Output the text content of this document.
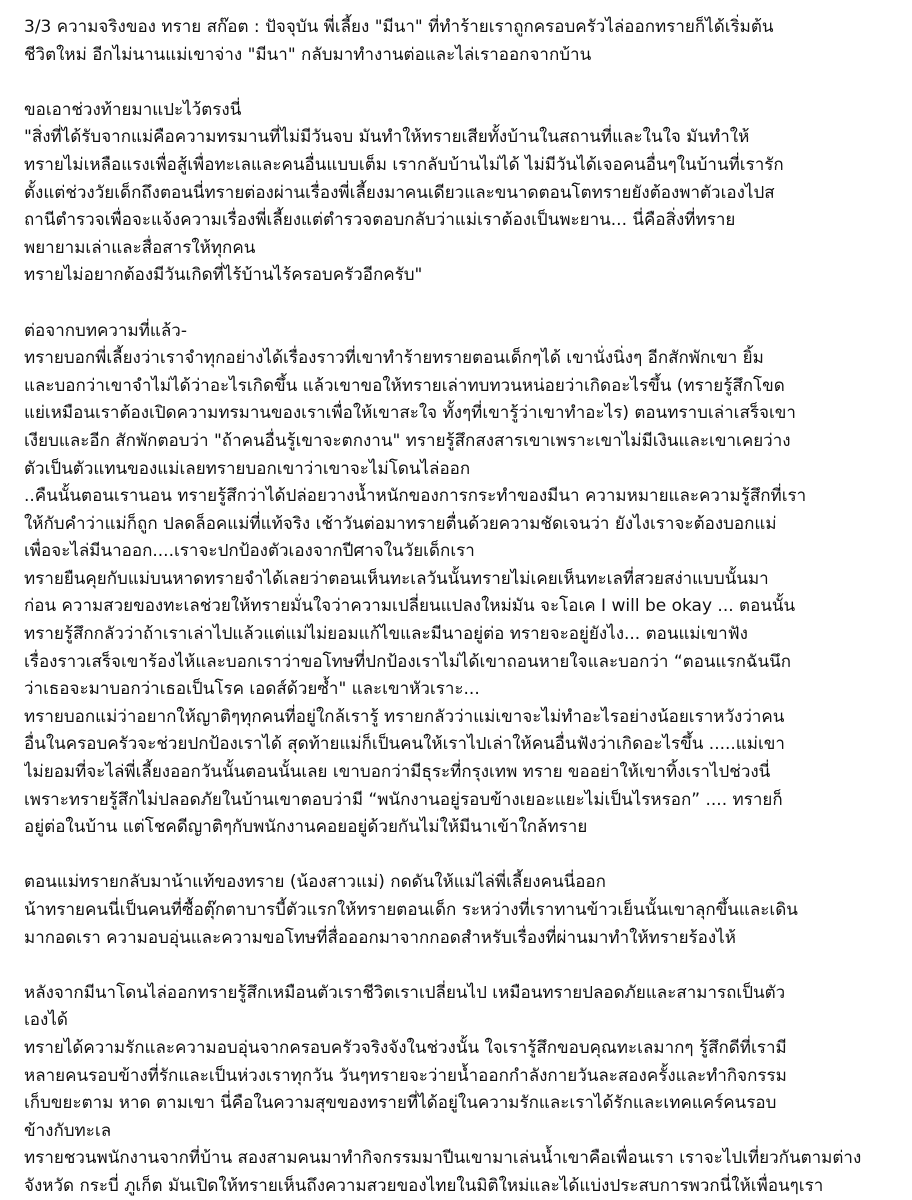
3/3 ความจริงของ ทราย สก๊อต : ปัจจุบัน พี่เลี้ยง "มีนา" ที่ทำร้ายเราถูกครอบครัวไล่ออกทรายก็ได้เริ่มต้น
ชีวิตใหม่ อีกไม่นานแม่เขาจ่าง "มีนา" กลับมาทำงานต่อและไล่เราออกจากบ้าน
ขอเอาช่วงท้ายมาแปะไว้ตรงนี่
"สิ่งที่ได้รับจากแม่คือความทรมานที่ไม่มีวันจบ มันทำให้ทรายเสียทั้งบ้านในสถานที่และในใจ มันทำให้
ทรายไม่เหลือแรงเพื่อสู้เพื่อทะเลและคนอื่นแบบเต็ม เรากลับบ้านไม่ได้ ไม่มีวันได้เจอคนอื่นๆในบ้านที่เรารัก
ตั้งแต่ช่วงวัยเด็กถึงตอนนี่ทรายต่องผ่านเรื่องพี่เลี้ยงมาคนเดียวและขนาดตอนโตทรายยังต้องพาตัวเองไปส
ถานีตำรวจเพื่อจะแจ้งความเรื่องพี่เลี้ยงแต่ตำรวจตอบกลับว่าแม่เราต้องเป็นพะยาน... นี่คือสิ่งที่ทราย
พยายามเล่าและสื่อสารให้ทุกคน
ทรายไม่อยากต้องมีวันเกิดที่ไร้บ้านไร้ครอบครัวอีกครับ"
ต่อจากบทความที่แล้ว-
ทรายบอกพี่เลี้ยงว่าเราจำทุกอย่างได้เรื่องราวที่เขาทำร้ายทรายตอนเด็กๆได้ เขานั่งนิ่งๆ อีกสักพักเขา ยิ้ม
และบอกว่าเขาจำไม่ได้ว่าอะไรเกิดขึ้น แล้วเขาขอให้ทรายเล่าทบทวนหน่อยว่าเกิดอะไรขึ้น (ทรายรู้สึกโขด
แย่เหมือนเราต้องเปิดความทรมานของเราเพื่อให้เขาสะใจ ทั้งๆที่เขารู้ว่าเขาทำอะไร) ตอนทราบเล่าเสร็จเขา
เงียบและอีก สักพักตอบว่า "ถ้าคนอื่นรู้เขาจะตกงาน" ทรายรู้สึกสงสารเขาเพราะเขาไม่มีเงินและเขาเคยว่าง
ตัวเป็นตัวแทนของแม่เลยทรายบอกเขาว่าเขาจะไม่โดนไล่ออก
..คืนนั้นตอนเรานอน ทรายรู้สึกว่าได้ปล่อยวางน้ำหนักของการกระทำของมีนา ความหมายและความรู้สึกที่เรา
ให้กับคำว่าแม่ก็ถูก ปลดล็อคแม่ที่แท้จริง เช้าวันต่อมาทรายตื่นด้วยความชัดเจนว่า ยังไงเราจะต้องบอกแม่
เพื่อจะไล่มีนาออก....เราจะปกป้องตัวเองจากปีศาจในวัยเด็กเรา
ทรายยืนคุยกับแม่บนหาดทรายจำได้เลยว่าตอนเห็นทะเลวันนั้นทรายไม่เคยเห็นทะเลที่สวยสง่าแบบนั้นมา
ก่อน ความสวยของทะเลช่วยให้ทรายมั่นใจว่าความเปลี่ยนแปลงใหม่มัน จะโอเค I will be okay ... ตอนนั้น
ทรายรู้สึกกลัวว่าถ้าเราเล่าไปแล้วแต่แม่ไม่ยอมแก้ไขและมีนาอยู่ต่อ ทรายจะอยู่ยังไง... ตอนแม่เขาฟัง
เรื่องราวเสร็จเขาร้องไห้และบอกเราว่าขอโทษที่ปกป้องเราไม่ได้เขาถอนหายใจและบอกว่า “ตอนแรกฉันนึก
ว่าเธอจะมาบอกว่าเธอเป็นโรค เอดส์ด้วยซ้ำ" และเขาหัวเราะ...
ทรายบอกแม่ว่าอยากให้ญาติๆทุกคนที่อยู่ใกล้เรารู้ ทรายกลัวว่าแม่เขาจะไม่ทำอะไรอย่างน้อยเราหวังว่าคน
อื่นในครอบครัวจะช่วยปกป้องเราได้ สุดท้ายแม่ก็เป็นคนให้เราไปเล่าให้คนอื่นฟังว่าเกิดอะไรขึ้น .....แม่เขา
ไม่ยอมที่จะไล่พี่เลี้ยงออกวันนั้นตอนนั้นเลย เขาบอกว่ามีธุระที่กรุงเทพ ทราย ขออย่าให้เขาทิ้งเราไปช่วงนี่
เพราะทรายรู้สึกไม่ปลอดภัยในบ้านเขาตอบว่ามี “พนักงานอยู่รอบข้างเยอะแยะไม่เป็นไรหรอก” .... ทรายก็
อยู่ต่อในบ้าน แต่โชคดีญาติๆกับพนักงานคอยอยู่ด้วยกันไม่ให้มีนาเข้าใกล้ทราย
ตอนแม่ทรายกลับมาน้าแท้ของทราย (น้องสาวแม่) กดดันให้แม่ไล่พี่เลี้ยงคนนี่ออก
น้าทรายคนนี่เป็นคนที่ซื้อตุ๊กตาบารบี้ตัวแรกให้ทรายตอนเด็ก ระหว่างที่เราทานข้าวเย็นนั้นเขาลุกขึ้นและเดิน
มากอดเรา ความอบอุ่นและความขอโทษที่สื่อออกมาจากกอดสำหรับเรื่องที่ผ่านมาทำให้ทรายร้องไห้
หลังจากมีนาโดนไล่ออกทรายรู้สึกเหมือนตัวเราชีวิตเราเปลี่ยนไป เหมือนทรายปลอดภัยและสามารถเป็นตัว
เองได้
ทรายได้ความรักและความอบอุ่นจากครอบครัวจริงจังในช่วงนั้น ใจเรารู้สึกขอบคุณทะเลมากๆ รู้สึกดีที่เรามี
หลายคนรอบข้างที่รักและเป็นห่วงเราทุกวัน วันๆทรายจะว่ายน้ำออกกำลังกายวันละสองครั้งและทำกิจกรรม
เก็บขยะตาม หาด ตามเขา นี่คือในความสุขของทรายที่ได้อยู่ในความรักและเราได้รักและเทคแคร์คนรอบ
ข้างกับทะเล
ทรายชวนพนักงานจากที่บ้าน สองสามคนมาทำกิจกรรมมาปีนเขามาเล่นน้ำเขาคือเพื่อนเรา เราจะไปเที่ยวกันตามต่าง
จังหวัด กระบี่ ภูเก็ต มันเปิดให้ทรายเห็นถึงความสวยของไทยในมิติใหม่และได้แบ่งประสบการพวกนี่ให้เพื่อนๆเรา
